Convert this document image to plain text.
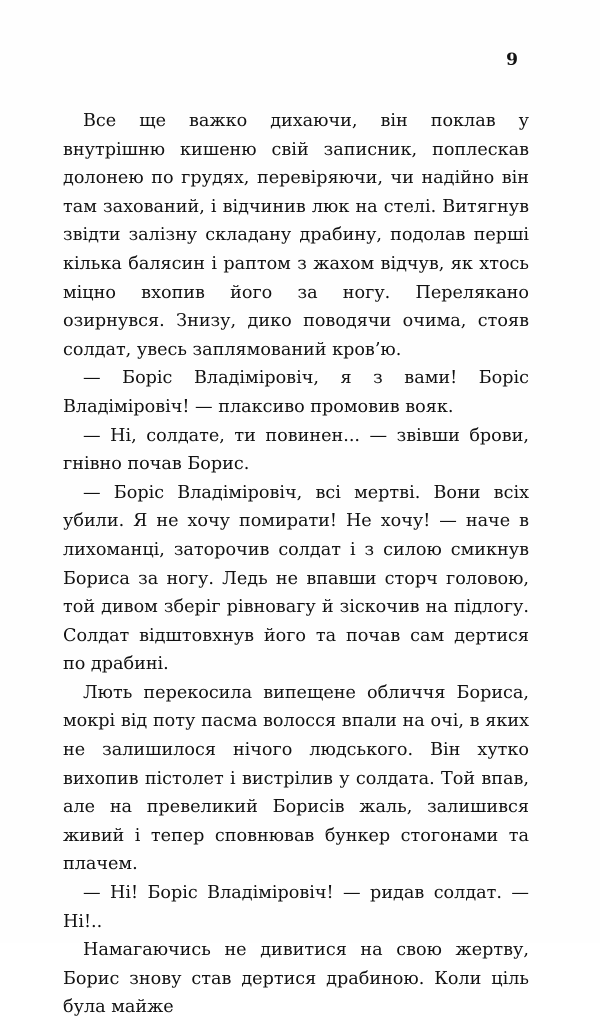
9

Все ще важко дихаючи, він поклав у внутрішню кишеню свій записник, поплескав долонею по грудях, перевіряючи, чи надійно він там захований, і відчинив люк на стелі. Витягнув звідти залізну складану драбину, подолав перші кілька балясин і раптом з жахом відчув, як хтось міцно вхопив його за ногу. Перелякано озирнувся. Знизу, дико поводячи очима, стояв солдат, увесь заплямований кров’ю.

— Боріс Владіміровіч, я з вами! Боріс Владіміровіч! — плаксиво промовив вояк.

— Ні, солдате, ти повинен... — звівши брови, гнівно почав Борис.

— Боріс Владіміровіч, всі мертві. Вони всіх убили. Я не хочу помирати! Не хочу! — наче в лихоманці, заторочив солдат і з силою смикнув Бориса за ногу. Ледь не впавши сторч головою, той дивом зберіг рівновагу й зіскочив на підлогу. Солдат відштовхнув його та почав сам дертися по драбині.

Лють перекосила випещене обличчя Бориса, мокрі від поту пасма волосся впали на очі, в яких не залишилося нічого людського. Він хутко вихопив пістолет і вистрілив у солдата. Той впав, але на превеликий Борисів жаль, залишився живий і тепер сповнював бункер стогонами та плачем.

— Ні! Боріс Владіміровіч! — ридав солдат. — Ні!..

Намагаючись не дивитися на свою жертву, Борис знову став дертися драбиною. Коли ціль була майже
